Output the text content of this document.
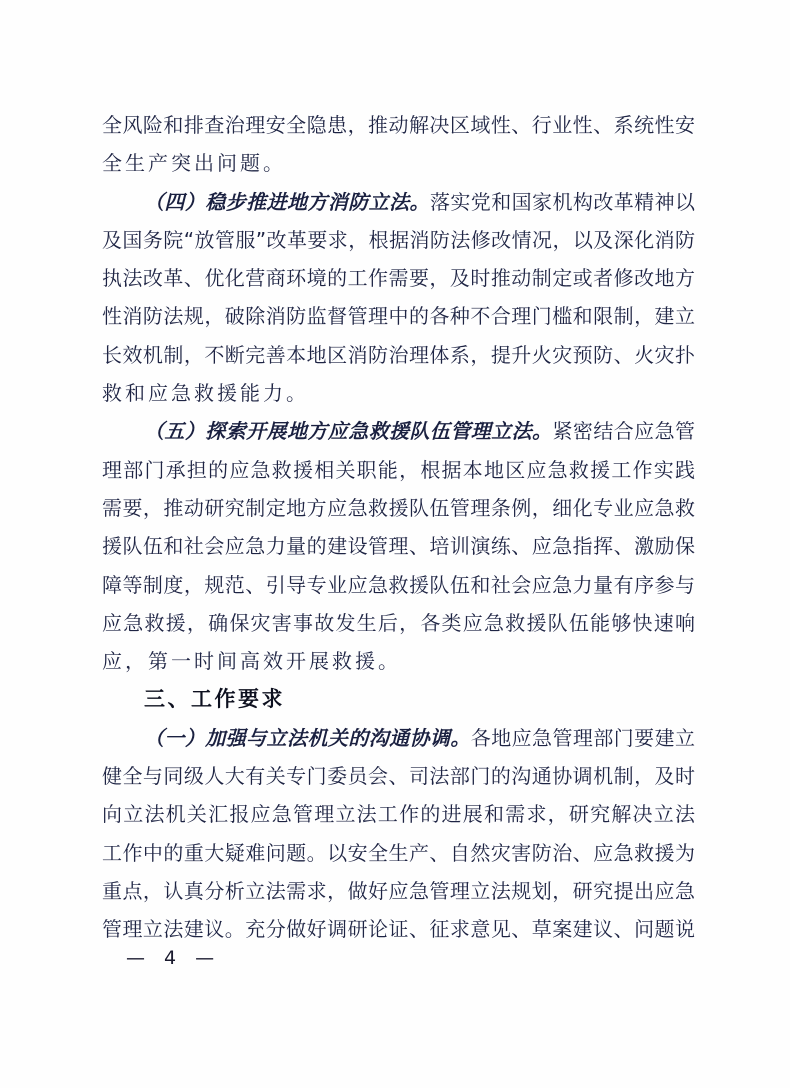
全风险和排查治理安全隐患，推动解决区域性、行业性、系统性安
全生产突出问题。
（四）稳步推进地方消防立法。落实党和国家机构改革精神以
及国务院“放管服”改革要求，根据消防法修改情况，以及深化消防
执法改革、优化营商环境的工作需要，及时推动制定或者修改地方
性消防法规，破除消防监督管理中的各种不合理门槛和限制，建立
长效机制，不断完善本地区消防治理体系，提升火灾预防、火灾扑
救和应急救援能力。
（五）探索开展地方应急救援队伍管理立法。紧密结合应急管
理部门承担的应急救援相关职能，根据本地区应急救援工作实践
需要，推动研究制定地方应急救援队伍管理条例，细化专业应急救
援队伍和社会应急力量的建设管理、培训演练、应急指挥、激励保
障等制度，规范、引导专业应急救援队伍和社会应急力量有序参与
应急救援，确保灾害事故发生后，各类应急救援队伍能够快速响
应，第一时间高效开展救援。
三、工作要求
（一）加强与立法机关的沟通协调。各地应急管理部门要建立
健全与同级人大有关专门委员会、司法部门的沟通协调机制，及时
向立法机关汇报应急管理立法工作的进展和需求，研究解决立法
工作中的重大疑难问题。以安全生产、自然灾害防治、应急救援为
重点，认真分析立法需求，做好应急管理立法规划，研究提出应急
管理立法建议。充分做好调研论证、征求意见、草案建议、问题说
— 4 —
